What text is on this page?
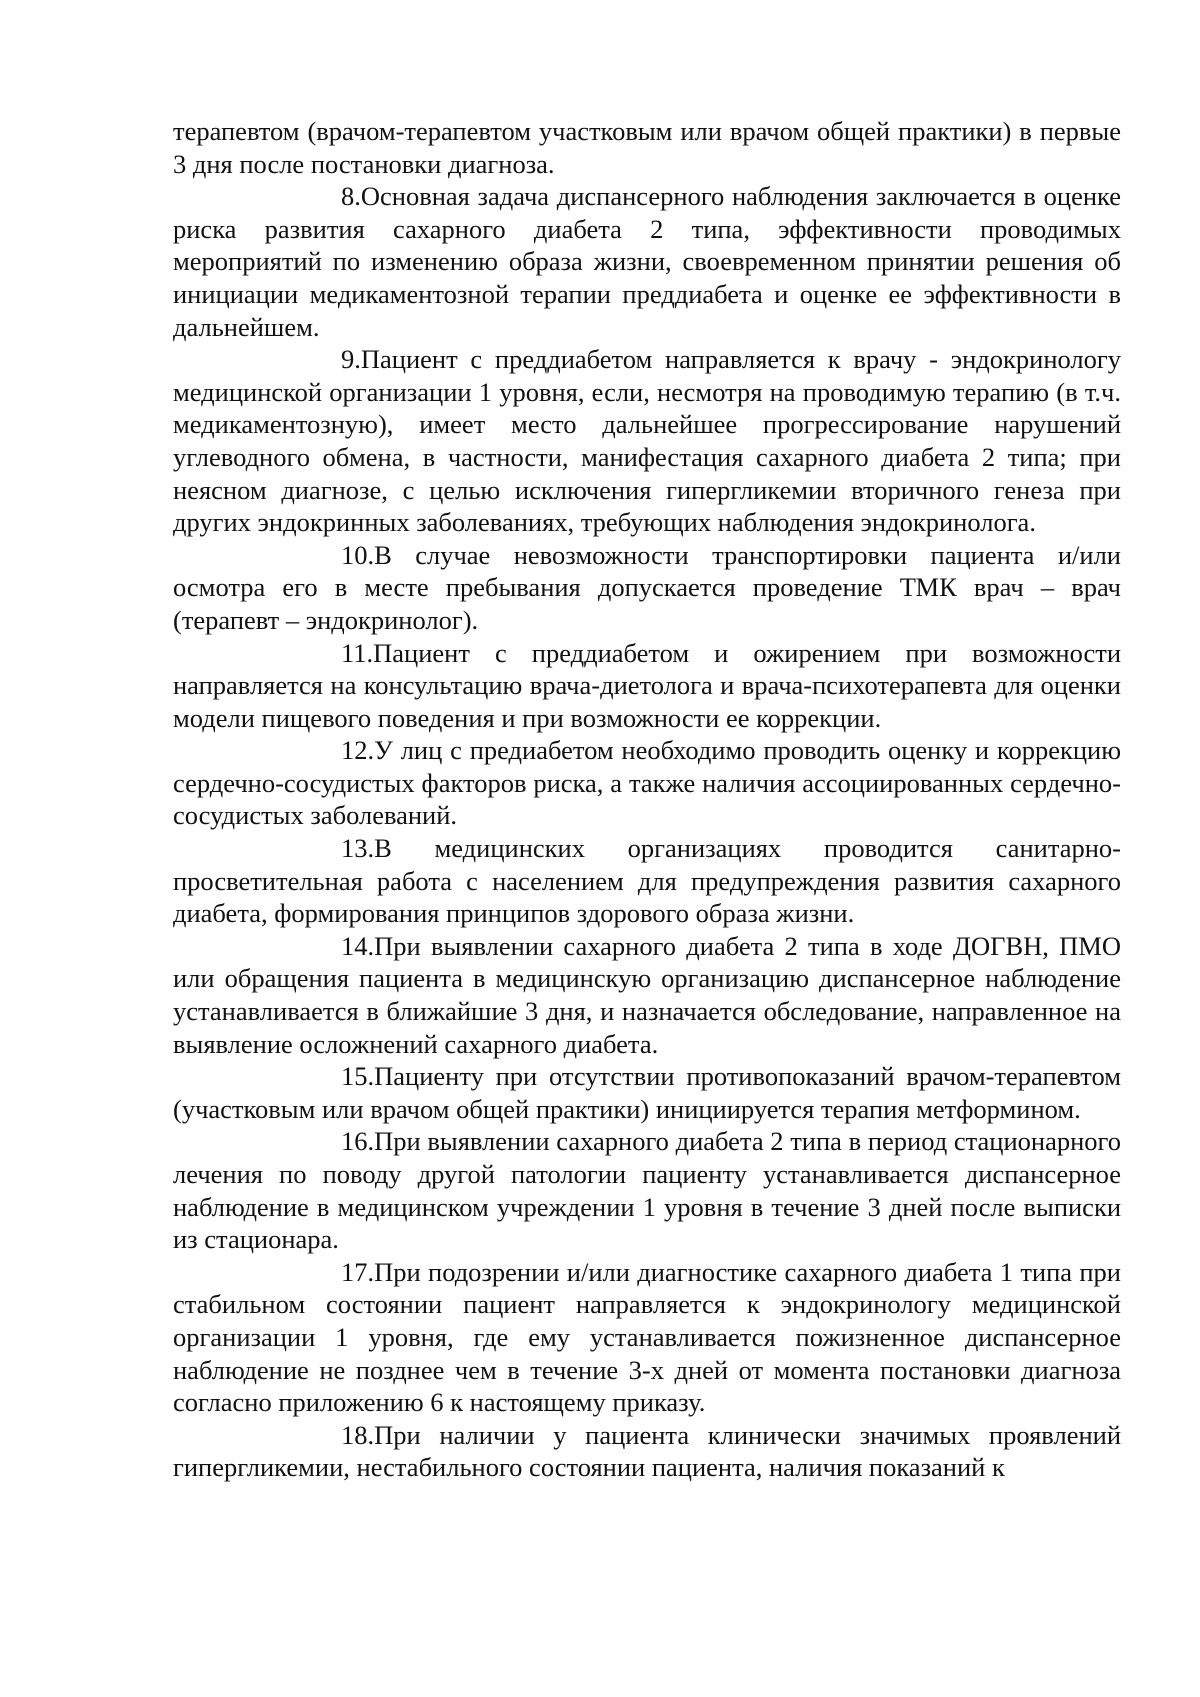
терапевтом (врачом-терапевтом участковым или врачом общей практики) в первые 3 дня после постановки диагноза.

8.Основная задача диспансерного наблюдения заключается в оценке риска развития сахарного диабета 2 типа, эффективности проводимых мероприятий по изменению образа жизни, своевременном принятии решения об инициации медикаментозной терапии преддиабета и оценке ее эффективности в дальнейшем.

9.Пациент с преддиабетом направляется к врачу - эндокринологу медицинской организации 1 уровня, если, несмотря на проводимую терапию (в т.ч. медикаментозную), имеет место дальнейшее прогрессирование нарушений углеводного обмена, в частности, манифестация сахарного диабета 2 типа; при неясном диагнозе, с целью исключения гипергликемии вторичного генеза при других эндокринных заболеваниях, требующих наблюдения эндокринолога.

10.В случае невозможности транспортировки пациента и/или осмотра его в месте пребывания допускается проведение ТМК врач – врач (терапевт – эндокринолог).

11.Пациент с преддиабетом и ожирением при возможности направляется на консультацию врача-диетолога и врача-психотерапевта для оценки модели пищевого поведения и при возможности ее коррекции.

12.У лиц с предиабетом необходимо проводить оценку и коррекцию сердечно-сосудистых факторов риска, а также наличия ассоциированных сердечно-сосудистых заболеваний.

13.В медицинских организациях проводится санитарно-просветительная работа с населением для предупреждения развития сахарного диабета, формирования принципов здорового образа жизни.

14.При выявлении сахарного диабета 2 типа в ходе ДОГВН, ПМО или обращения пациента в медицинскую организацию диспансерное наблюдение устанавливается в ближайшие 3 дня, и назначается обследование, направленное на выявление осложнений сахарного диабета.

15.Пациенту при отсутствии противопоказаний врачом-терапевтом (участковым или врачом общей практики) инициируется терапия метформином.

16.При выявлении сахарного диабета 2 типа в период стационарного лечения по поводу другой патологии пациенту устанавливается диспансерное наблюдение в медицинском учреждении 1 уровня в течение 3 дней после выписки из стационара.

17.При подозрении и/или диагностике сахарного диабета 1 типа при стабильном состоянии пациент направляется к эндокринологу медицинской организации 1 уровня, где ему устанавливается пожизненное диспансерное наблюдение не позднее чем в течение 3-х дней от момента постановки диагноза согласно приложению 6 к настоящему приказу.

18.При наличии у пациента клинически значимых проявлений гипергликемии, нестабильного состоянии пациента, наличия показаний к
